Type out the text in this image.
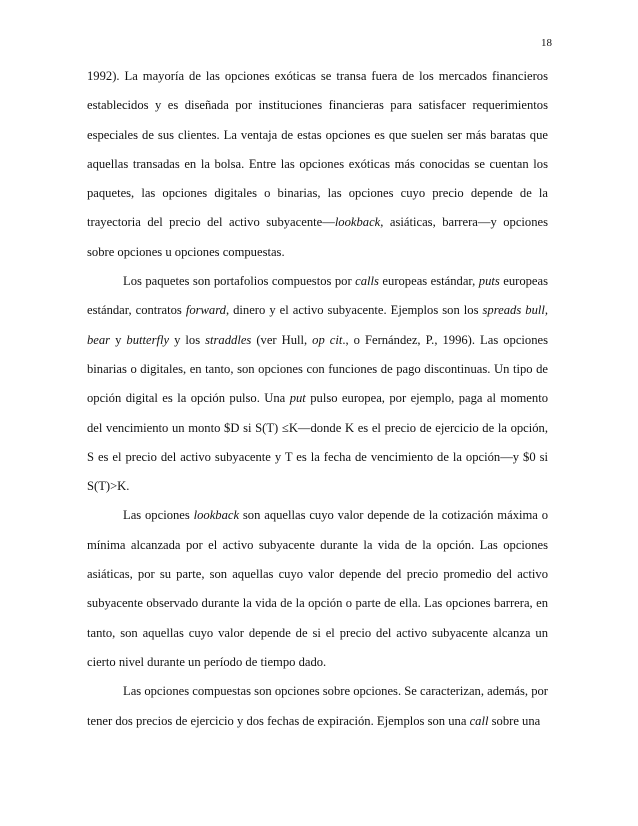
18

1992). La mayoría de las opciones exóticas se transa fuera de los mercados financieros establecidos y es diseñada por instituciones financieras para satisfacer requerimientos especiales de sus clientes. La ventaja de estas opciones es que suelen ser más baratas que aquellas transadas en la bolsa. Entre las opciones exóticas más conocidas se cuentan los paquetes, las opciones digitales o binarias, las opciones cuyo precio depende de la trayectoria del precio del activo subyacente—lookback, asiáticas, barrera—y opciones sobre opciones u opciones compuestas.

Los paquetes son portafolios compuestos por calls europeas estándar, puts europeas estándar, contratos forward, dinero y el activo subyacente. Ejemplos son los spreads bull, bear y butterfly y los straddles (ver Hull, op cit., o Fernández, P., 1996). Las opciones binarias o digitales, en tanto, son opciones con funciones de pago discontinuas. Un tipo de opción digital es la opción pulso. Una put pulso europea, por ejemplo, paga al momento del vencimiento un monto $D si S(T) ≤K—donde K es el precio de ejercicio de la opción, S es el precio del activo subyacente y T es la fecha de vencimiento de la opción—y $0 si S(T)>K.

Las opciones lookback son aquellas cuyo valor depende de la cotización máxima o mínima alcanzada por el activo subyacente durante la vida de la opción. Las opciones asiáticas, por su parte, son aquellas cuyo valor depende del precio promedio del activo subyacente observado durante la vida de la opción o parte de ella. Las opciones barrera, en tanto, son aquellas cuyo valor depende de si el precio del activo subyacente alcanza un cierto nivel durante un período de tiempo dado.

Las opciones compuestas son opciones sobre opciones. Se caracterizan, además, por tener dos precios de ejercicio y dos fechas de expiración. Ejemplos son una call sobre una
